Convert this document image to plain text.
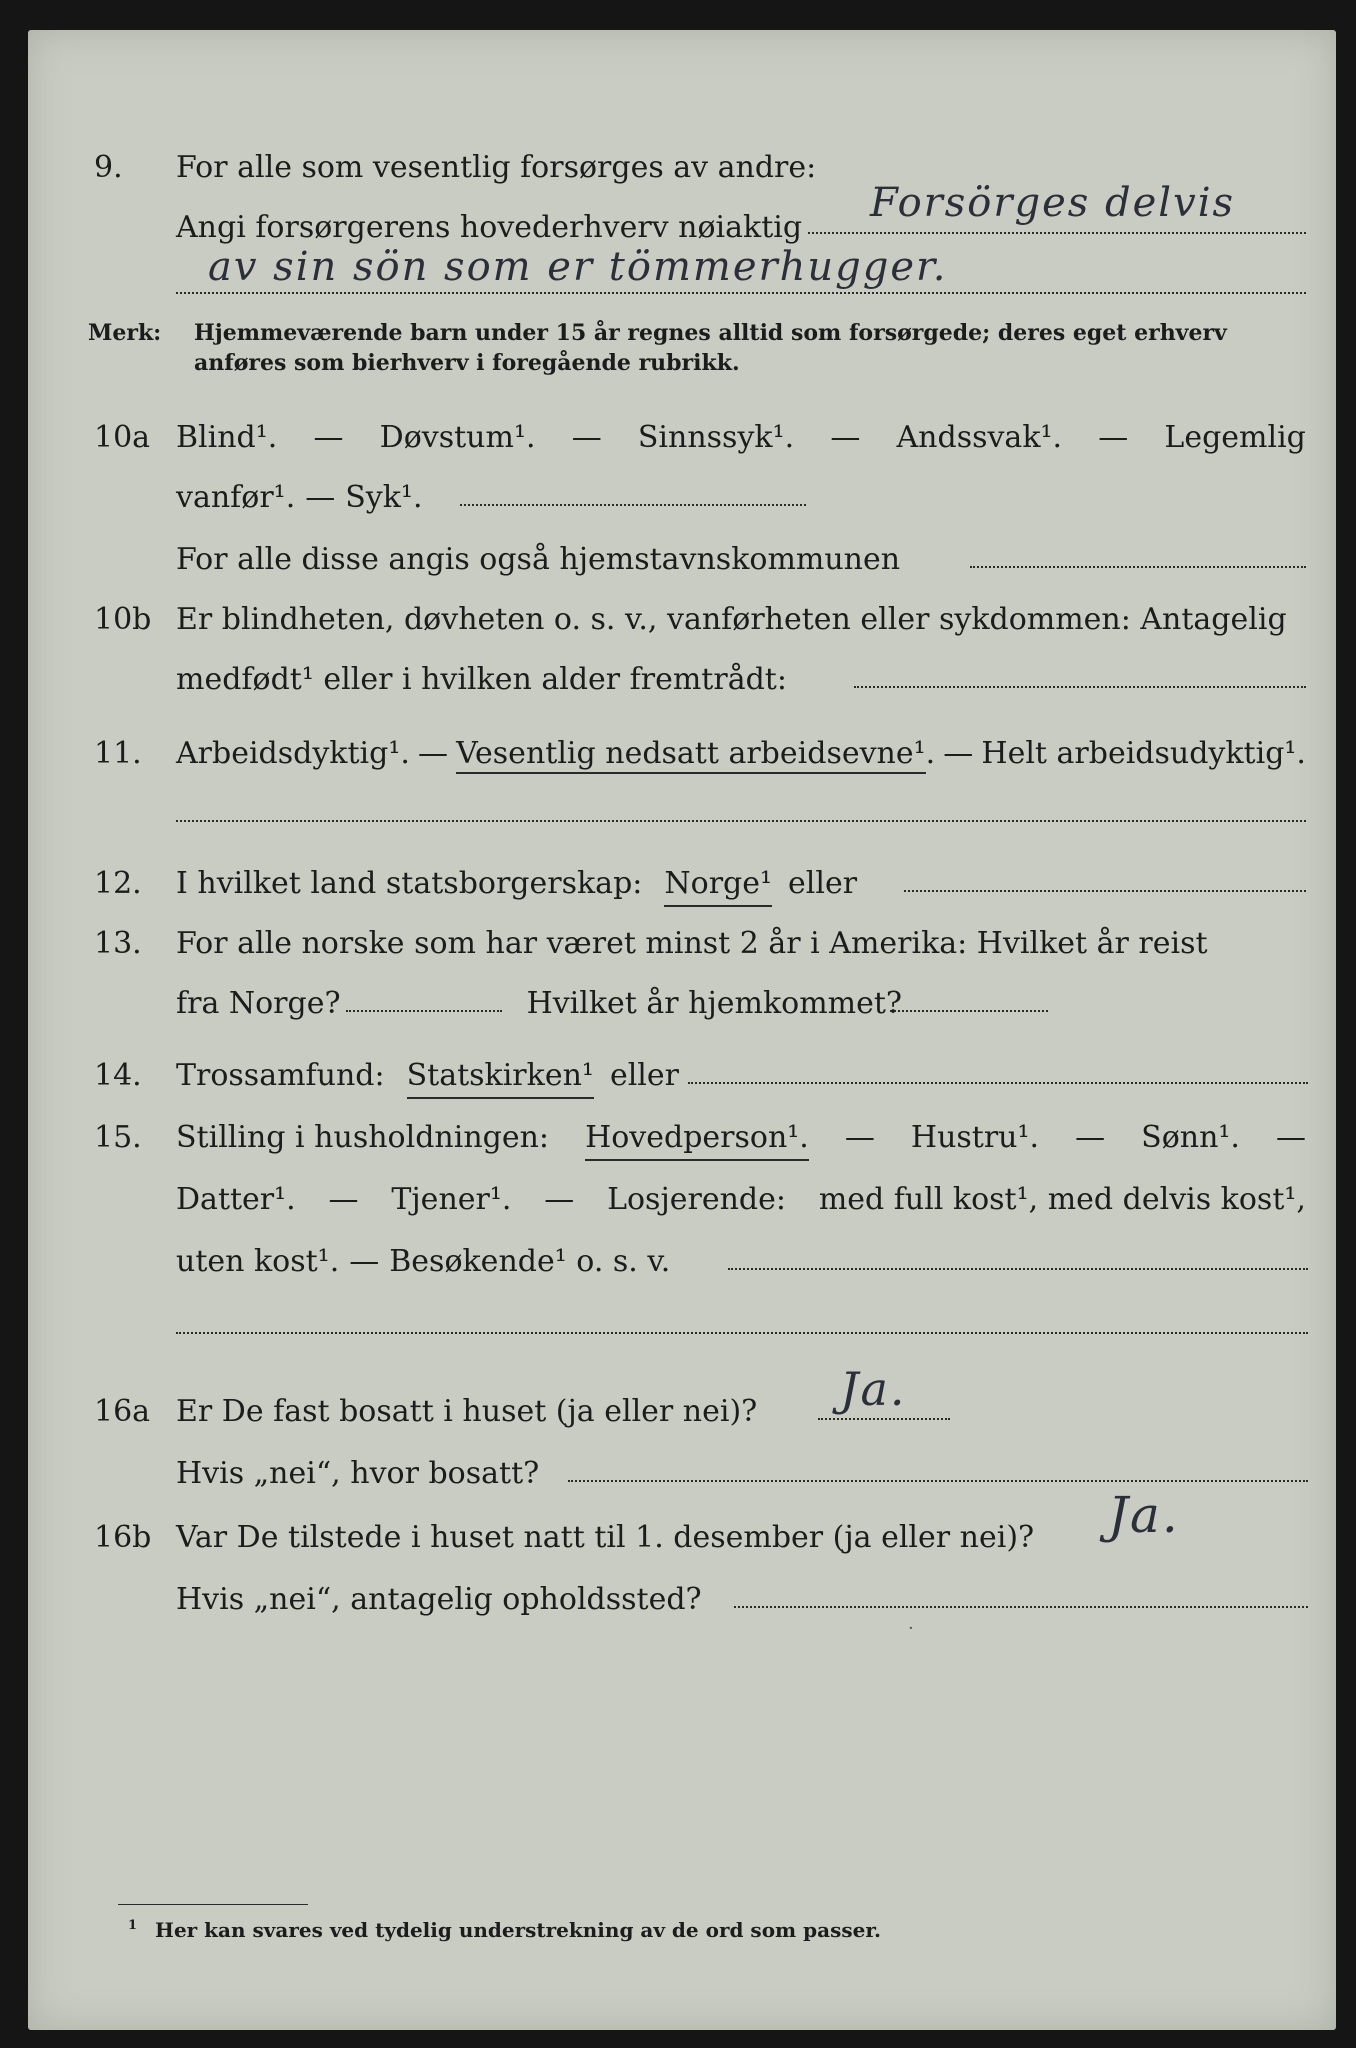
9. For alle som vesentlig forsørges av andre:
Angi forsørgerens hovederhverv nøiaktig
Forsörges delvis
av sin sön som er tömmerhugger.
Merk: Hjemmeværende barn under 15 år regnes alltid som forsørgede; deres eget erhverv anføres som bierhverv i foregående rubrikk.
10a Blind¹. — Døvstum¹. — Sinnssyk¹. — Andssvak¹. — Legemlig
vanfør¹. — Syk¹.
For alle disse angis også hjemstavnskommunen
10b Er blindheten, døvheten o. s. v., vanførheten eller sykdommen: Antagelig
medfødt¹ eller i hvilken alder fremtrådt:
11. Arbeidsdyktig¹. — Vesentlig nedsatt arbeidsevne¹. — Helt arbeidsudyktig¹.
12. I hvilket land statsborgerskap: Norge¹ eller
13. For alle norske som har været minst 2 år i Amerika: Hvilket år reist
fra Norge?	Hvilket år hjemkommet?
14. Trossamfund: Statskirken¹ eller
15. Stilling i husholdningen: Hovedperson¹. — Hustru¹. — Sønn¹. —
Datter¹. — Tjener¹. — Losjerende: med full kost¹, med delvis kost¹,
uten kost¹. — Besøkende¹ o. s. v.
16a Er De fast bosatt i huset (ja eller nei)? Ja.
Hvis „nei“, hvor bosatt?
16b Var De tilstede i huset natt til 1. desember (ja eller nei)? Ja.
Hvis „nei“, antagelig opholdssted?
·
$^1$ Her kan svares ved tydelig understrekning av de ord som passer.
